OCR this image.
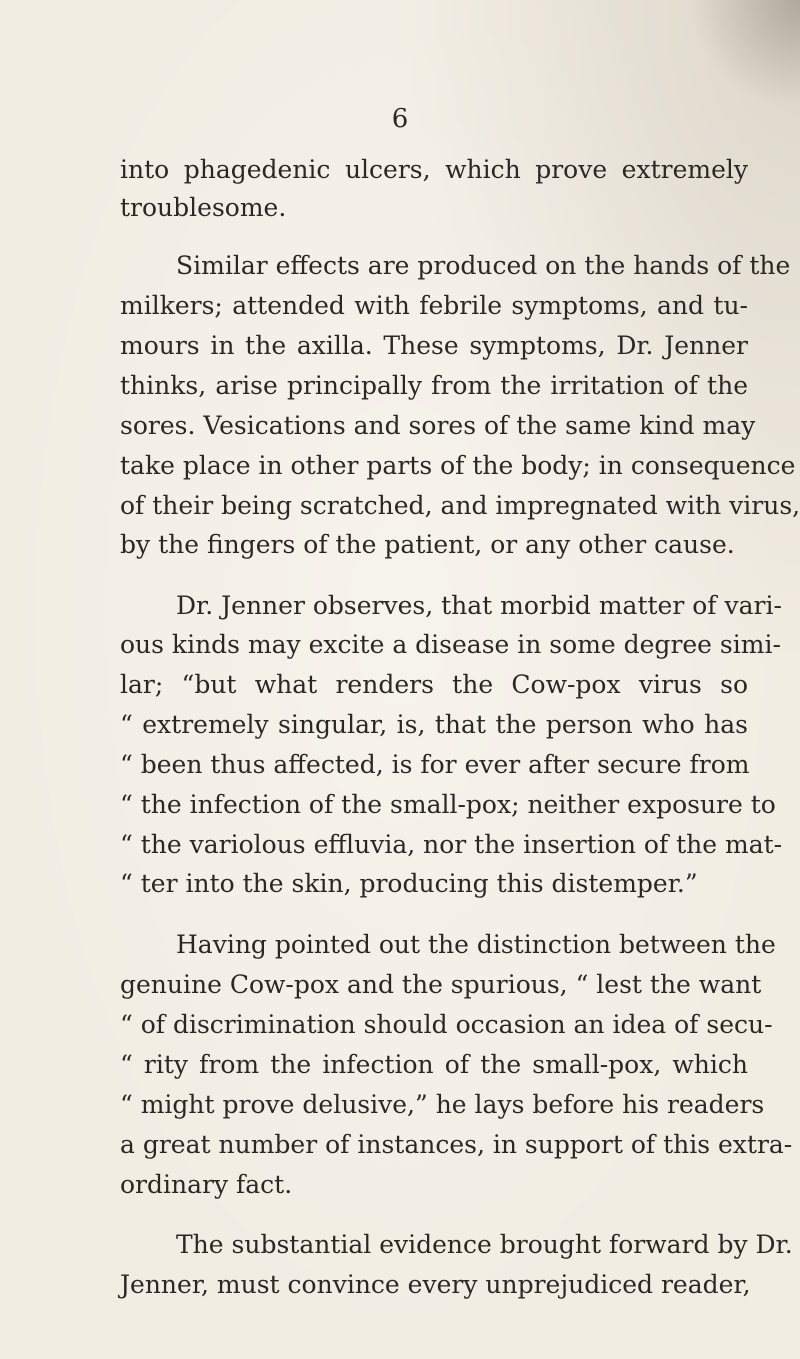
6

into phagedenic ulcers, which prove extremely

troublesome.

Similar effects are produced on the hands of the

milkers; attended with febrile symptoms, and tu-

mours in the axilla. These symptoms, Dr. Jenner

thinks, arise principally from the irritation of the

sores. Vesications and sores of the same kind may

take place in other parts of the body; in consequence

of their being scratched, and impregnated with virus,

by the fingers of the patient, or any other cause.

Dr. Jenner observes, that morbid matter of vari-

ous kinds may excite a disease in some degree simi-

lar; “but what renders the Cow-pox virus so

“ extremely singular, is, that the person who has

“ been thus affected, is for ever after secure from

“ the infection of the small-pox; neither exposure to

“ the variolous effluvia, nor the insertion of the mat-

“ ter into the skin, producing this distemper.”

Having pointed out the distinction between the

genuine Cow-pox and the spurious, “ lest the want

“ of discrimination should occasion an idea of secu-

“ rity from the infection of the small-pox, which

“ might prove delusive,” he lays before his readers

a great number of instances, in support of this extra-

ordinary fact.

The substantial evidence brought forward by Dr.

Jenner, must convince every unprejudiced reader,
